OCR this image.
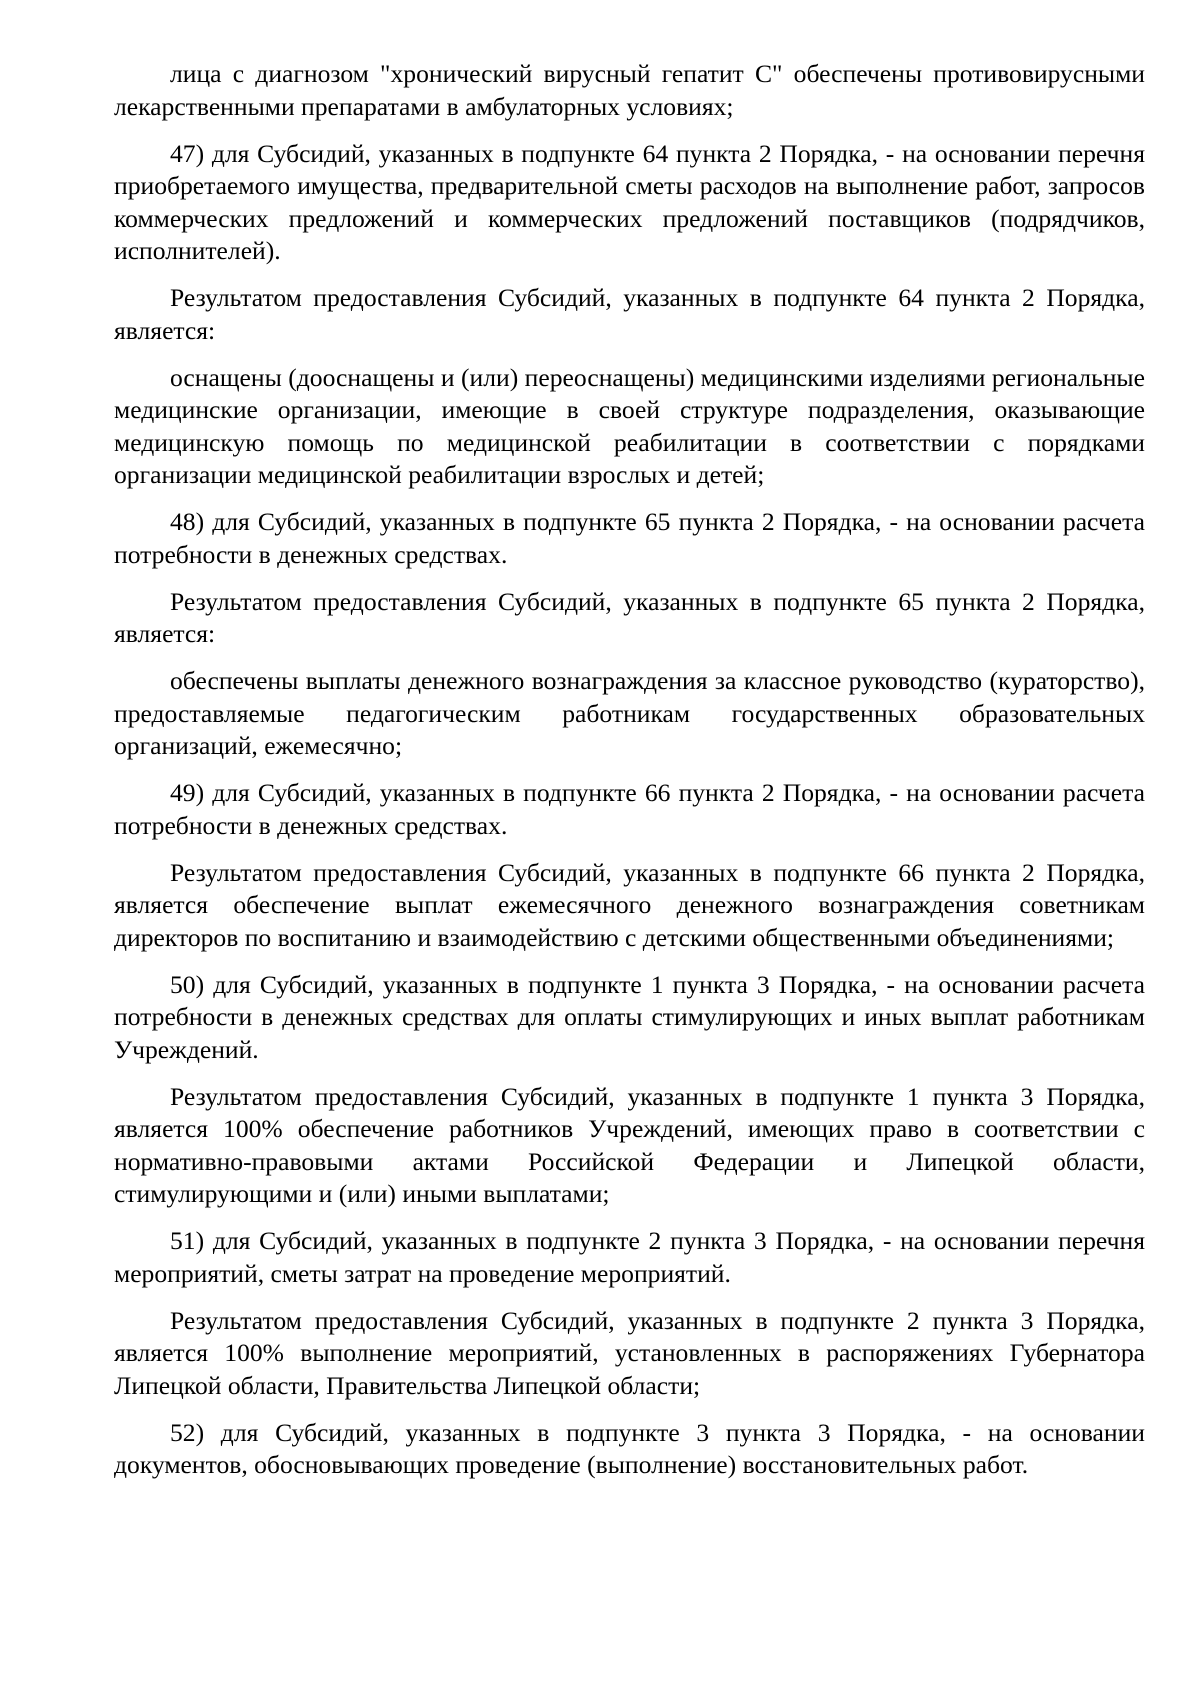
лица с диагнозом "хронический вирусный гепатит С" обеспечены противовирусными лекарственными препаратами в амбулаторных условиях;

47) для Субсидий, указанных в подпункте 64 пункта 2 Порядка, - на основании перечня приобретаемого имущества, предварительной сметы расходов на выполнение работ, запросов коммерческих предложений и коммерческих предложений поставщиков (подрядчиков, исполнителей).

Результатом предоставления Субсидий, указанных в подпункте 64 пункта 2 Порядка, является:

оснащены (дооснащены и (или) переоснащены) медицинскими изделиями региональные медицинские организации, имеющие в своей структуре подразделения, оказывающие медицинскую помощь по медицинской реабилитации в соответствии с порядками организации медицинской реабилитации взрослых и детей;

48) для Субсидий, указанных в подпункте 65 пункта 2 Порядка, - на основании расчета потребности в денежных средствах.

Результатом предоставления Субсидий, указанных в подпункте 65 пункта 2 Порядка, является:

обеспечены выплаты денежного вознаграждения за классное руководство (кураторство), предоставляемые педагогическим работникам государственных образовательных организаций, ежемесячно;

49) для Субсидий, указанных в подпункте 66 пункта 2 Порядка, - на основании расчета потребности в денежных средствах.

Результатом предоставления Субсидий, указанных в подпункте 66 пункта 2 Порядка, является обеспечение выплат ежемесячного денежного вознаграждения советникам директоров по воспитанию и взаимодействию с детскими общественными объединениями;

50) для Субсидий, указанных в подпункте 1 пункта 3 Порядка, - на основании расчета потребности в денежных средствах для оплаты стимулирующих и иных выплат работникам Учреждений.

Результатом предоставления Субсидий, указанных в подпункте 1 пункта 3 Порядка, является 100% обеспечение работников Учреждений, имеющих право в соответствии с нормативно-правовыми актами Российской Федерации и Липецкой области, стимулирующими и (или) иными выплатами;

51) для Субсидий, указанных в подпункте 2 пункта 3 Порядка, - на основании перечня мероприятий, сметы затрат на проведение мероприятий.

Результатом предоставления Субсидий, указанных в подпункте 2 пункта 3 Порядка, является 100% выполнение мероприятий, установленных в распоряжениях Губернатора Липецкой области, Правительства Липецкой области;

52) для Субсидий, указанных в подпункте 3 пункта 3 Порядка, - на основании документов, обосновывающих проведение (выполнение) восстановительных работ.
